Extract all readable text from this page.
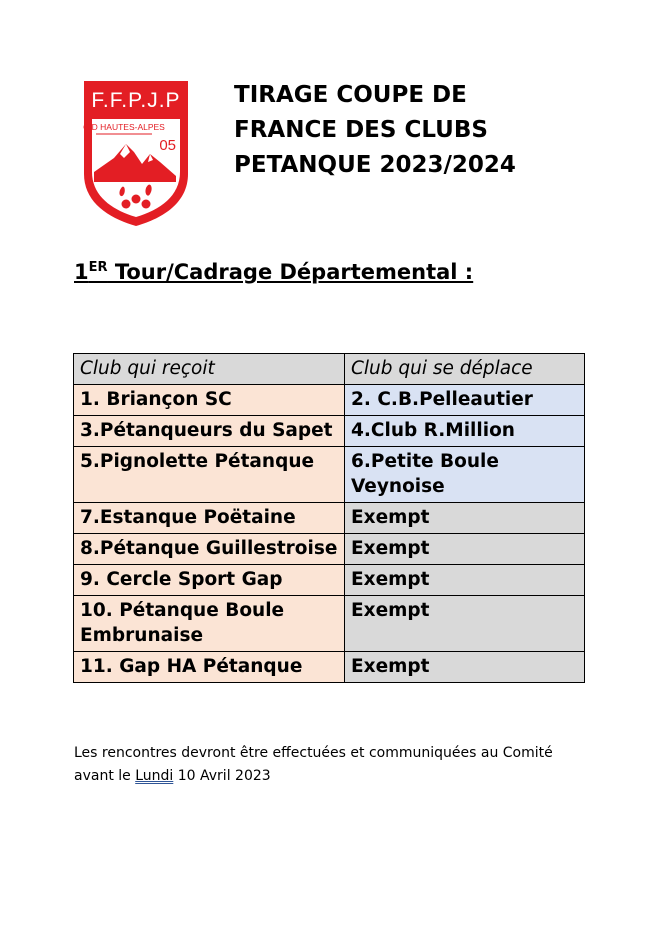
F.F.P.J.P
C.D HAUTES-ALPES
05
TIRAGE COUPE DE
FRANCE DES CLUBS
PETANQUE 2023/2024
1ER Tour/Cadrage Départemental :
Club qui reçoit	Club qui se déplace
1. Briançon SC	2. C.B.Pelleautier
3.Pétanqueurs du Sapet	4.Club R.Million
5.Pignolette Pétanque	6.Petite Boule Veynoise
7.Estanque Poëtaine	Exempt
8.Pétanque Guillestroise	Exempt
9. Cercle Sport Gap	Exempt
10. Pétanque Boule Embrunaise	Exempt
11. Gap HA Pétanque	Exempt

Les rencontres devront être effectuées et communiquées au Comité
avant le Lundi 10 Avril 2023
